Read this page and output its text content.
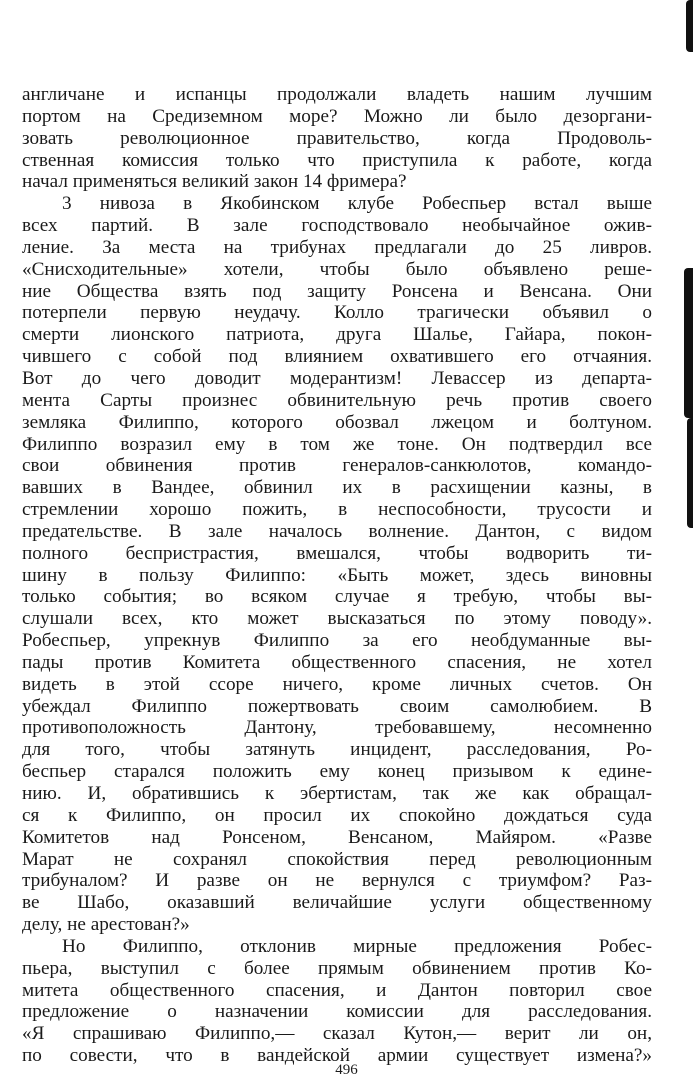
англичане и испанцы продолжали владеть нашим лучшим
портом на Средиземном море? Можно ли было дезоргани-
зовать революционное правительство, когда Продоволь-
ственная комиссия только что приступила к работе, когда
начал применяться великий закон 14 фримера?
3 нивоза в Якобинском клубе Робеспьер встал выше
всех партий. В зале господствовало необычайное ожив-
ление. За места на трибунах предлагали до 25 ливров.
«Снисходительные» хотели, чтобы было объявлено реше-
ние Общества взять под защиту Ронсена и Венсана. Они
потерпели первую неудачу. Колло трагически объявил о
смерти лионского патриота, друга Шалье, Гайара, покон-
чившего с собой под влиянием охватившего его отчаяния.
Вот до чего доводит модерантизм! Левассер из департа-
мента Сарты произнес обвинительную речь против своего
земляка Филиппо, которого обозвал лжецом и болтуном.
Филиппо возразил ему в том же тоне. Он подтвердил все
свои обвинения против генералов-санкюлотов, командо-
вавших в Вандее, обвинил их в расхищении казны, в
стремлении хорошо пожить, в неспособности, трусости и
предательстве. В зале началось волнение. Дантон, с видом
полного беспристрастия, вмешался, чтобы водворить ти-
шину в пользу Филиппо: «Быть может, здесь виновны
только события; во всяком случае я требую, чтобы вы-
слушали всех, кто может высказаться по этому поводу».
Робеспьер, упрекнув Филиппо за его необдуманные вы-
пады против Комитета общественного спасения, не хотел
видеть в этой ссоре ничего, кроме личных счетов. Он
убеждал Филиппо пожертвовать своим самолюбием. В
противоположность Дантону, требовавшему, несомненно
для того, чтобы затянуть инцидент, расследования, Ро-
беспьер старался положить ему конец призывом к едине-
нию. И, обратившись к эбертистам, так же как обращал-
ся к Филиппо, он просил их спокойно дождаться суда
Комитетов над Ронсеном, Венсаном, Майяром. «Разве
Марат не сохранял спокойствия перед революционным
трибуналом? И разве он не вернулся с триумфом? Раз-
ве Шабо, оказавший величайшие услуги общественному
делу, не арестован?»
Но Филиппо, отклонив мирные предложения Робес-
пьера, выступил с более прямым обвинением против Ко-
митета общественного спасения, и Дантон повторил свое
предложение о назначении комиссии для расследования.
«Я спрашиваю Филиппо,— сказал Кутон,— верит ли он,
по совести, что в вандейской армии существует измена?»
496
